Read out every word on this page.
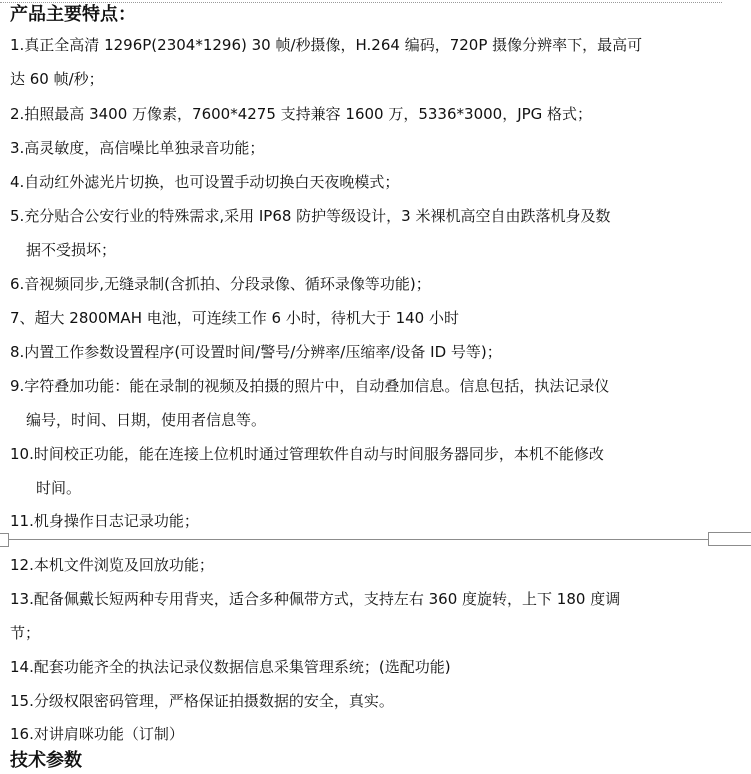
产品主要特点：
1.真正全高清 1296P(2304*1296) 30 帧/秒摄像，H.264 编码，720P 摄像分辨率下，最高可
达 60 帧/秒；
2.拍照最高 3400 万像素，7600*4275 支持兼容 1600 万，5336*3000，JPG 格式；
3.高灵敏度，高信噪比单独录音功能；
4.自动红外滤光片切换，也可设置手动切换白天夜晚模式；
5.充分贴合公安行业的特殊需求,采用 IP68 防护等级设计，3 米裸机高空自由跌落机身及数
据不受损坏；
6.音视频同步,无缝录制(含抓拍、分段录像、循环录像等功能)；
7、超大 2800MAH 电池，可连续工作 6 小时，待机大于 140 小时
8.内置工作参数设置程序(可设置时间/警号/分辨率/压缩率/设备 ID 号等)；
9.字符叠加功能：能在录制的视频及拍摄的照片中，自动叠加信息。信息包括，执法记录仪
编号，时间、日期，使用者信息等。
10.时间校正功能，能在连接上位机时通过管理软件自动与时间服务器同步，本机不能修改
时间。
11.机身操作日志记录功能；
12.本机文件浏览及回放功能；
13.配备佩戴长短两种专用背夹，适合多种佩带方式，支持左右 360 度旋转，上下 180 度调
节；
14.配套功能齐全的执法记录仪数据信息采集管理系统；(选配功能)
15.分级权限密码管理，严格保证拍摄数据的安全，真实。
16.对讲肩咪功能（订制）
技术参数
